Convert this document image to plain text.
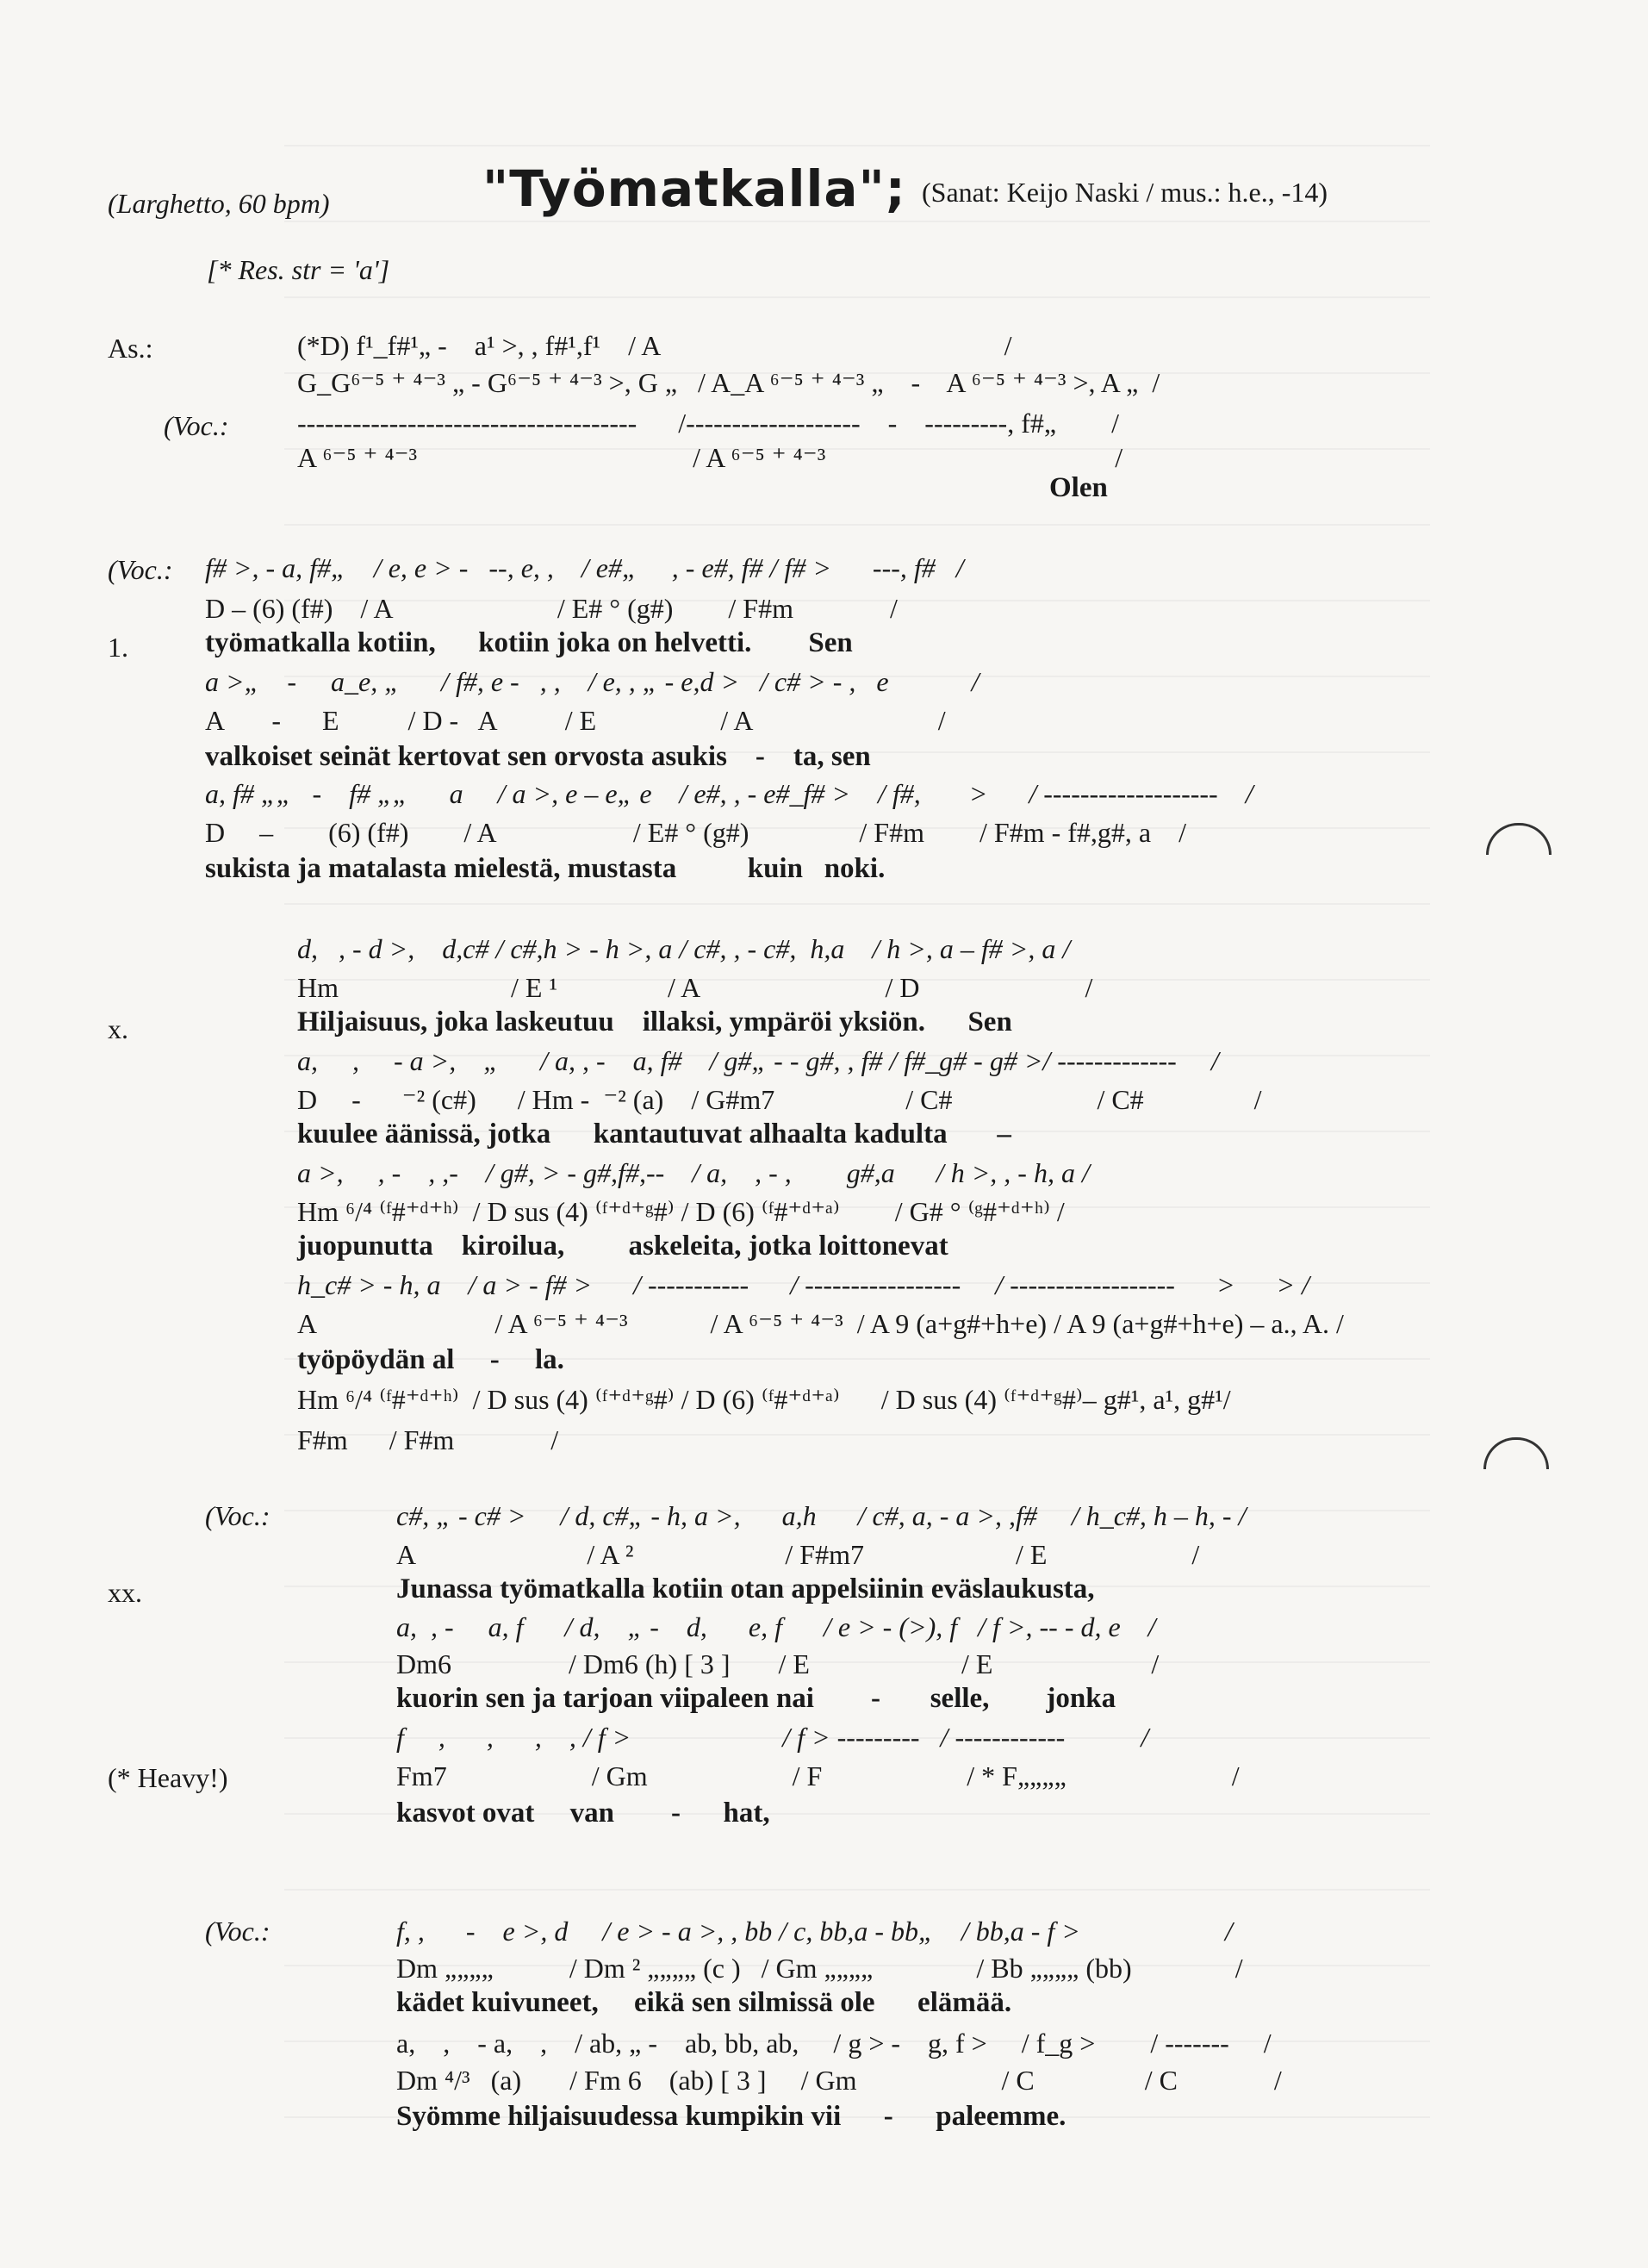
(Larghetto, 60 bpm)	"Työmatkalla"; (Sanat: Keijo Naski / mus.: h.e., -14)
[* Res. str = 'a']
As.:
(Voc.:
(Voc.:
1.
x.
(Voc.:
xx.
(* Heavy!)
(Voc.:
(*D) f¹_f#¹„ -    a¹ >, , f#¹,f¹    / A                                                  /
G_G⁶⁻⁵ ⁺ ⁴⁻³ „ - G⁶⁻⁵ ⁺ ⁴⁻³ >, G „   / A_A ⁶⁻⁵ ⁺ ⁴⁻³ „    -    A ⁶⁻⁵ ⁺ ⁴⁻³ >, A „  /
-------------------------------------      /-------------------    -    ---------, f#„        /
A ⁶⁻⁵ ⁺ ⁴⁻³                                        / A ⁶⁻⁵ ⁺ ⁴⁻³                                          /
Olen
f# >, - a, f#„    / e, e > -   --, e, ,    / e#„     , - e#, f# / f# >      ---, f#   /
D – (6) (f#)    / A                        / E# ° (g#)        / F#m              /
työmatkalla kotiin,      kotiin joka on helvetti.        Sen
a >„    -     a_e, „      / f#, e -   , ,    / e, , „ - e,d >   / c# > - ,   e            /
A       -      E          / D -   A          / E                  / A                           /
valkoiset seinät kertovat sen orvosta asukis    -    ta, sen
a, f# „„   -    f# „„      a     / a >, e – e„ e    / e#, , - e#_f# >    / f#,       >      / -------------------    /
D     –        (6) (f#)        / A                    / E# ° (g#)                / F#m        / F#m - f#,g#, a    /
sukista ja matalasta mielestä, mustasta          kuin   noki.
d,   , - d >,    d,c# / c#,h > - h >, a / c#, , - c#,  h,a    / h >, a – f# >, a /
Hm                         / E ¹                / A                           / D                        /
Hiljaisuus, joka laskeutuu    illaksi, ympäröi yksiön.      Sen
a,     ,     - a >,    „      / a, , -    a, f#    / g#„ - - g#, , f# / f#_g# - g# >/ -------------     /
D     -      ⁻² (c#)      / Hm -  ⁻² (a)    / G#m7                   / C#                     / C#                /
kuulee äänissä, jotka      kantautuvat alhaalta kadulta       –
a >,     , -    , ,-    / g#, > - g#,f#,--    / a,    , - ,        g#,a      / h >, , - h, a /
Hm ⁶/⁴ ⁽ᶠ#⁺ᵈ⁺ʰ⁾  / D sus (4) ⁽ᶠ⁺ᵈ⁺ᵍ#⁾ / D (6) ⁽ᶠ#⁺ᵈ⁺ᵃ⁾        / G# ° ⁽ᵍ#⁺ᵈ⁺ʰ⁾ /
juopunutta    kiroilua,         askeleita, jotka loittonevat
h_c# > - h, a    / a > - f# >      / -----------      / -----------------     / ------------------      >      > /
A                          / A ⁶⁻⁵ ⁺ ⁴⁻³            / A ⁶⁻⁵ ⁺ ⁴⁻³  / A 9 (a+g#+h+e) / A 9 (a+g#+h+e) – a., A. /
työpöydän al     -     la.
Hm ⁶/⁴ ⁽ᶠ#⁺ᵈ⁺ʰ⁾  / D sus (4) ⁽ᶠ⁺ᵈ⁺ᵍ#⁾ / D (6) ⁽ᶠ#⁺ᵈ⁺ᵃ⁾      / D sus (4) ⁽ᶠ⁺ᵈ⁺ᵍ#⁾– g#¹, a¹, g#¹/
F#m      / F#m              /
c#, „ - c# >     / d, c#„ - h, a >,      a,h      / c#, a, - a >, ,f#     / h_c#, h – h, - /
A                         / A ²                      / F#m7                      / E                     /
Junassa työmatkalla kotiin otan appelsiinin eväslaukusta,
a,  , -     a, f      / d,    „ -    d,      e, f      / e > - (>), f   / f >, -- - d, e    /
Dm6                 / Dm6 (h) [ 3 ]       / E                      / E                       /
kuorin sen ja tarjoan viipaleen nai        -       selle,        jonka
f     ,      ,      ,    , / f >                      / f > ---------   / ------------           /
Fm7                     / Gm                     / F                     / * F„„„„                        /
kasvot ovat     van        -      hat,
f, ,      -    e >, d     / e > - a >, , bb / c, bb,a - bb„    / bb,a - f >                     /
Dm „„„„           / Dm ² „„„„ (c )   / Gm „„„„               / Bb „„„„ (bb)               /
kädet kuivuneet,     eikä sen silmissä ole      elämää.
a,    ,    - a,    ,    / ab, „ -    ab, bb, ab,     / g > -    g, f >     / f_g >        / -------     /
Dm ⁴/³   (a)       / Fm 6    (ab) [ 3 ]     / Gm                     / C                / C              /
Syömme hiljaisuudessa kumpikin vii      -      paleemme.
